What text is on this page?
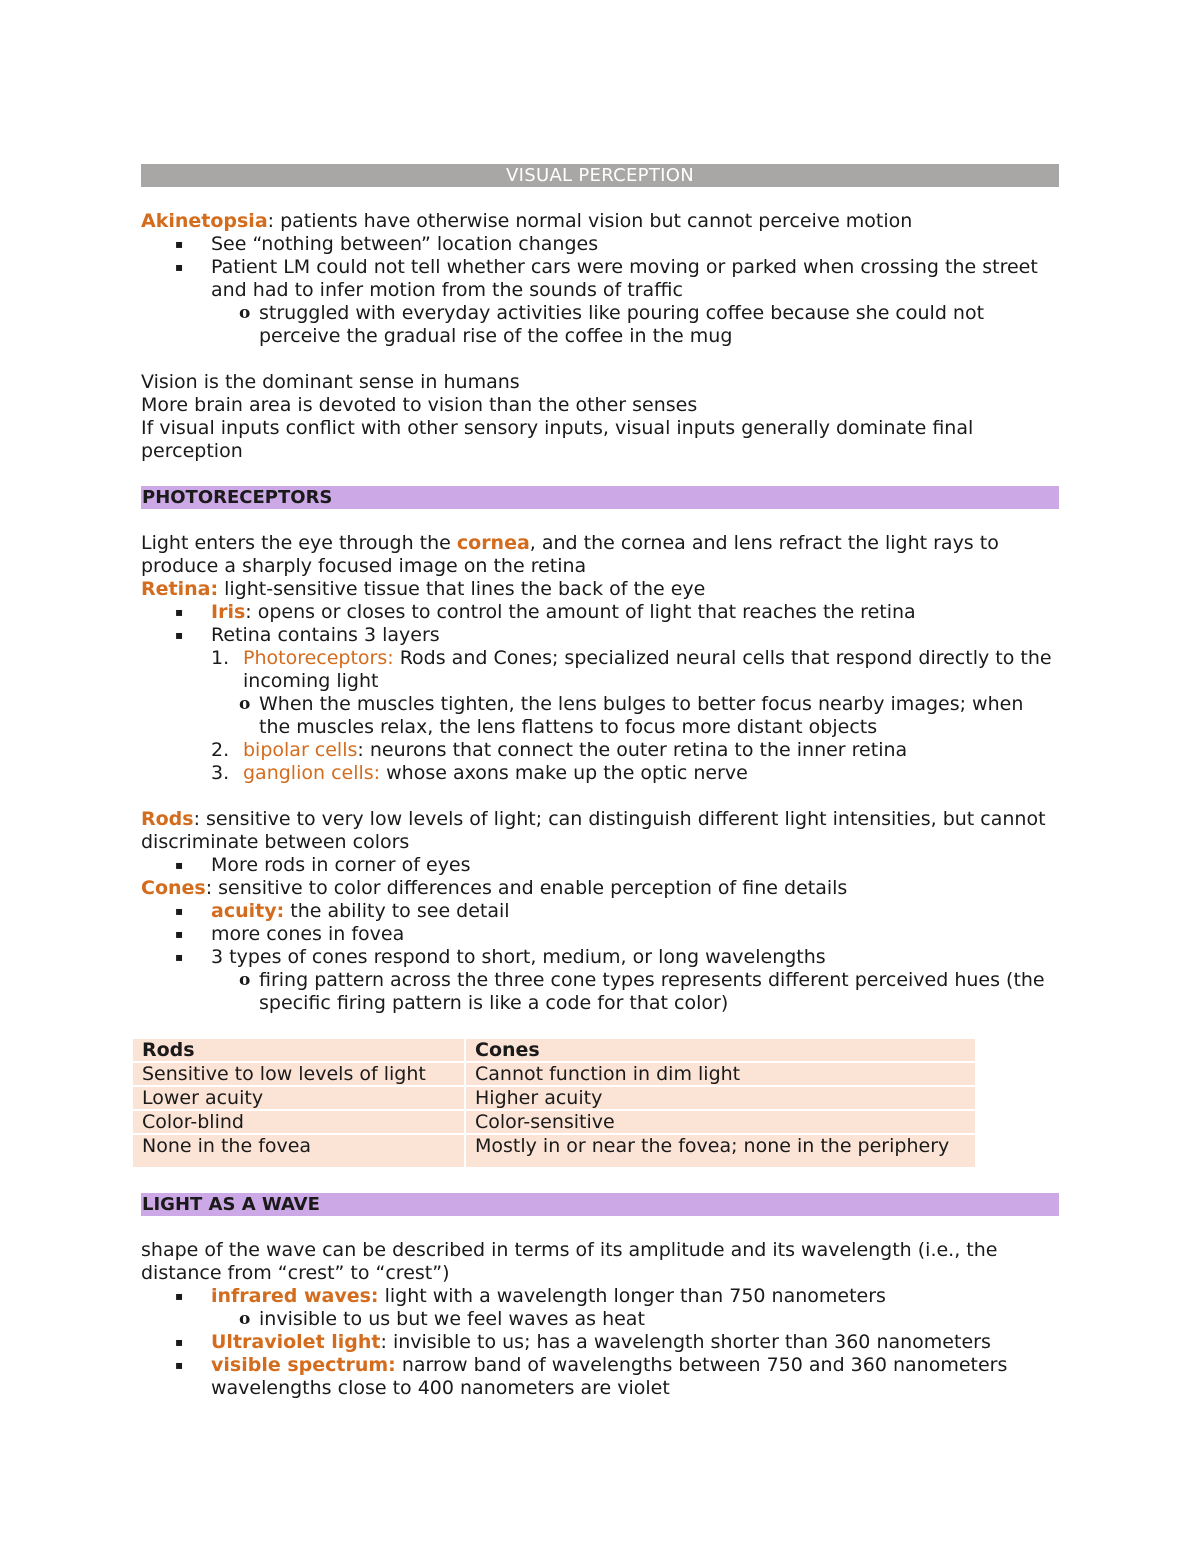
VISUAL PERCEPTION

Akinetopsia: patients have otherwise normal vision but cannot perceive motion

▪ See “nothing between” location changes
▪ Patient LM could not tell whether cars were moving or parked when crossing the street and had to infer motion from the sounds of traffic
o struggled with everyday activities like pouring coffee because she could not perceive the gradual rise of the coffee in the mug

Vision is the dominant sense in humans

More brain area is devoted to vision than the other senses

If visual inputs conflict with other sensory inputs, visual inputs generally dominate final perception

PHOTORECEPTORS

Light enters the eye through the cornea, and the cornea and lens refract the light rays to produce a sharply focused image on the retina

Retina: light-sensitive tissue that lines the back of the eye

▪ Iris: opens or closes to control the amount of light that reaches the retina
▪ Retina contains 3 layers
1. Photoreceptors: Rods and Cones; specialized neural cells that respond directly to the incoming light
o When the muscles tighten, the lens bulges to better focus nearby images; when the muscles relax, the lens flattens to focus more distant objects
2. bipolar cells: neurons that connect the outer retina to the inner retina
3. ganglion cells: whose axons make up the optic nerve

Rods: sensitive to very low levels of light; can distinguish different light intensities, but cannot discriminate between colors

▪ More rods in corner of eyes

Cones: sensitive to color differences and enable perception of fine details

▪ acuity: the ability to see detail
▪ more cones in fovea
▪ 3 types of cones respond to short, medium, or long wavelengths
o firing pattern across the three cone types represents different perceived hues (the specific firing pattern is like a code for that color)
Rods	Cones
Sensitive to low levels of light	Cannot function in dim light
Lower acuity	Higher acuity
Color-blind	Color-sensitive
None in the fovea	Mostly in or near the fovea; none in the periphery
LIGHT AS A WAVE

shape of the wave can be described in terms of its amplitude and its wavelength (i.e., the distance from “crest” to “crest”)

▪ infrared waves: light with a wavelength longer than 750 nanometers
o invisible to us but we feel waves as heat
▪ Ultraviolet light: invisible to us; has a wavelength shorter than 360 nanometers
▪ visible spectrum: narrow band of wavelengths between 750 and 360 nanometers wavelengths close to 400 nanometers are violet
